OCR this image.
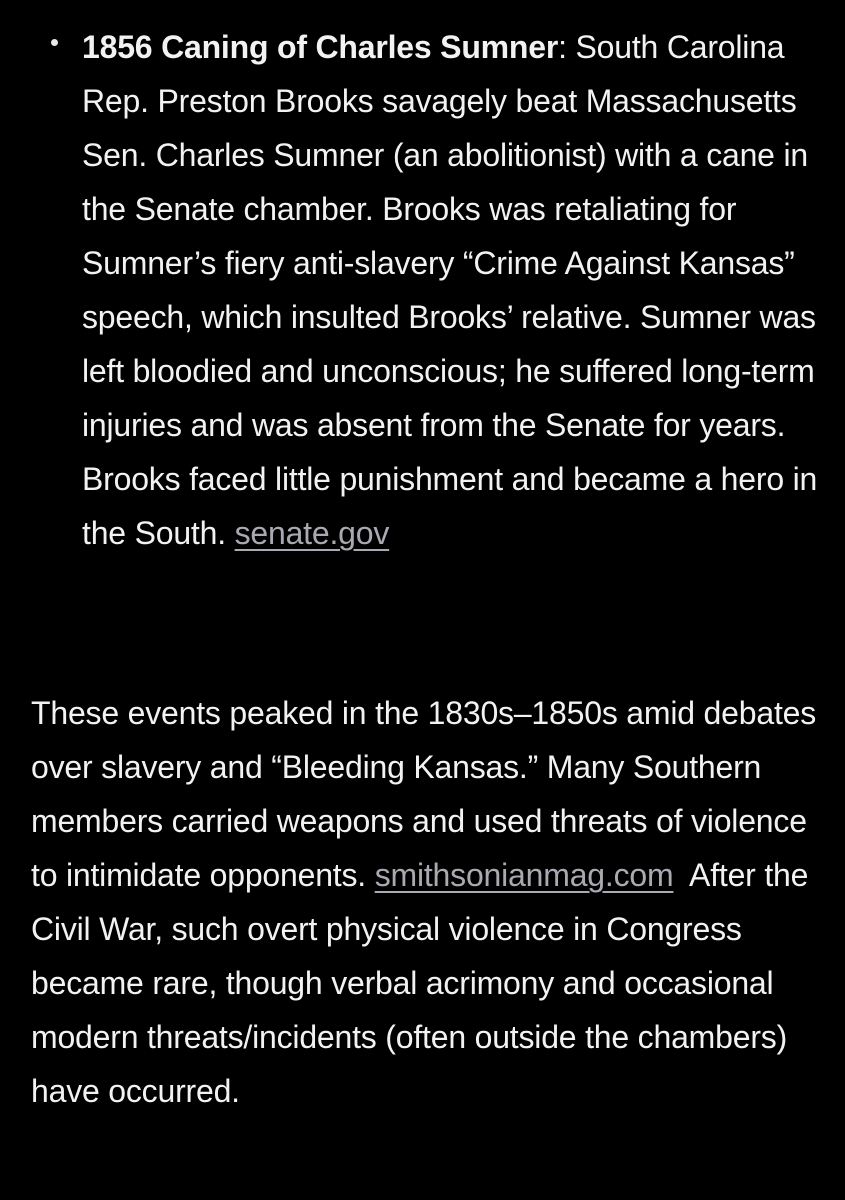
1856 Caning of Charles Sumner: South Carolina Rep. Preston Brooks savagely beat Massachusetts Sen. Charles Sumner (an abolitionist) with a cane in the Senate chamber. Brooks was retaliating for Sumner’s fiery anti-slavery “Crime Against Kansas” speech, which insulted Brooks’ relative. Sumner was left bloodied and unconscious; he suffered long-term injuries and was absent from the Senate for years. Brooks faced little punishment and became a hero in the South. senate.gov
These events peaked in the 1830s–1850s amid debates over slavery and “Bleeding Kansas.” Many Southern members carried weapons and used threats of violence to intimidate opponents. smithsonianmag.com  After the Civil War, such overt physical violence in Congress became rare, though verbal acrimony and occasional modern threats/incidents (often outside the chambers) have occurred.
